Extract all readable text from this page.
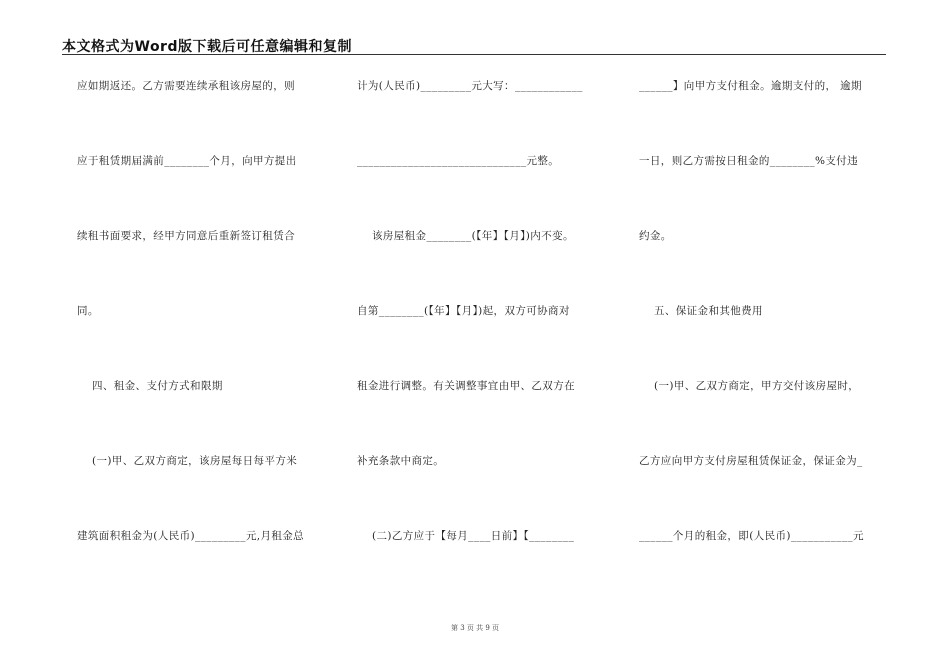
本文格式为Word版下载后可任意编辑和复制
应如期返还。乙方需要连续承租该房屋的，则
应于租赁期届满前________个月，向甲方提出
续租书面要求，经甲方同意后重新签订租赁合
同。
四、租金、支付方式和限期
(一)甲、乙双方商定，该房屋每日每平方米
建筑面积租金为(人民币)_________元,月租金总
计为(人民币)_________元大写：____________
______________________________元整。
该房屋租金________(【年】【月】)内不变。
自第________(【年】【月】)起，双方可协商对
租金进行调整。有关调整事宜由甲、乙双方在
补充条款中商定。
(二)乙方应于【每月____日前】【________
______】向甲方支付租金。逾期支付的， 逾期
一日，则乙方需按日租金的________%支付违
约金。
五、保证金和其他费用
(一)甲、乙双方商定，甲方交付该房屋时，
乙方应向甲方支付房屋租赁保证金，保证金为_
______个月的租金，即(人民币)___________元
第 3 页 共 9 页
